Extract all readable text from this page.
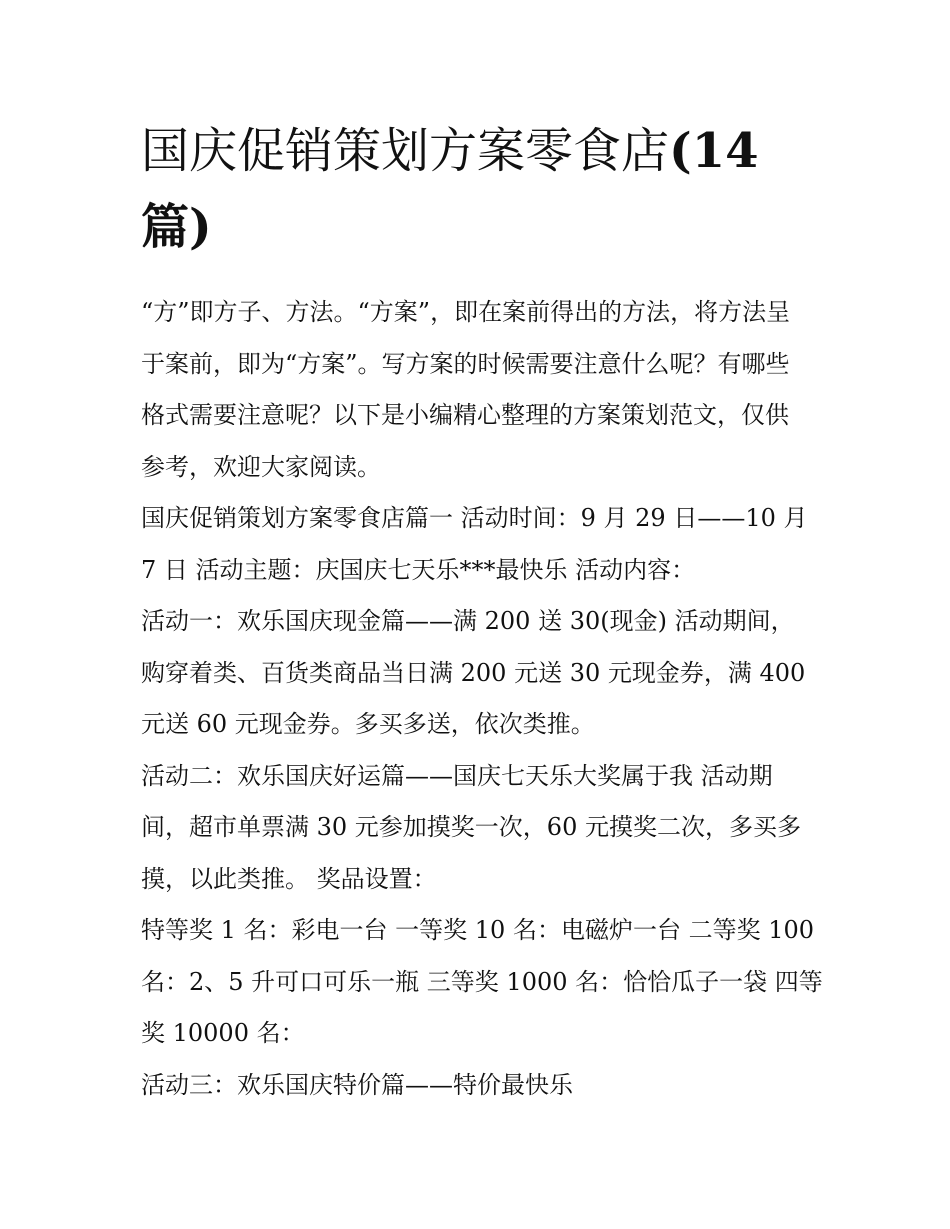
国庆促销策划方案零食店(14
篇)

“方”即方子、方法。“方案”，即在案前得出的方法，将方法呈
于案前，即为“方案”。写方案的时候需要注意什么呢？有哪些
格式需要注意呢？以下是小编精心整理的方案策划范文，仅供
参考，欢迎大家阅读。

国庆促销策划方案零食店篇一 活动时间：9 月 29 日——10 月
7 日 活动主题：庆国庆七天乐***最快乐 活动内容：

活动一：欢乐国庆现金篇——满 200 送 30(现金) 活动期间，
购穿着类、百货类商品当日满 200 元送 30 元现金券，满 400
元送 60 元现金券。多买多送，依次类推。

活动二：欢乐国庆好运篇——国庆七天乐大奖属于我 活动期
间，超市单票满 30 元参加摸奖一次，60 元摸奖二次，多买多
摸，以此类推。 奖品设置：

特等奖 1 名：彩电一台 一等奖 10 名：电磁炉一台 二等奖 100
名：2、5 升可口可乐一瓶 三等奖 1000 名：恰恰瓜子一袋 四等
奖 10000 名：

活动三：欢乐国庆特价篇——特价最快乐
